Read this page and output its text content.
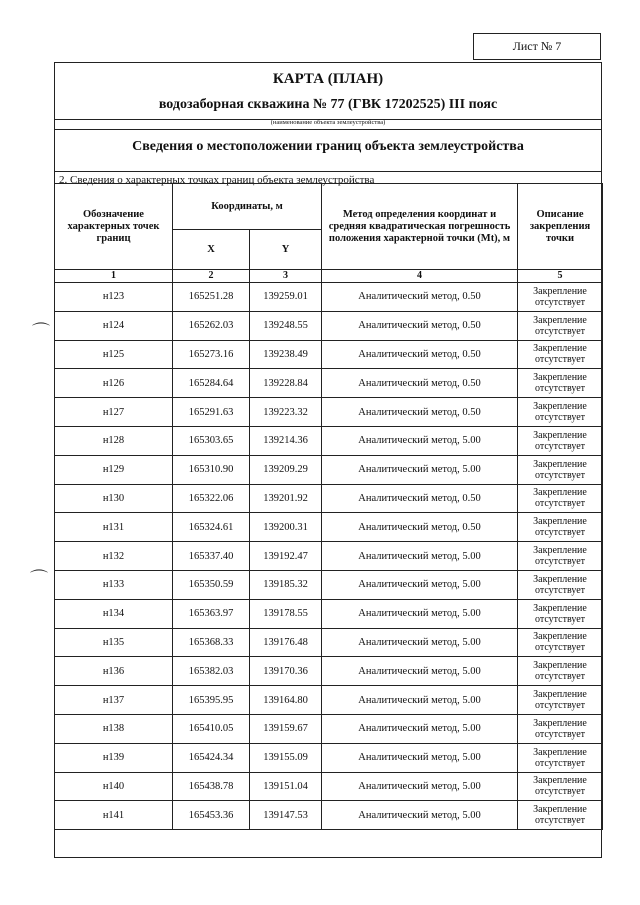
Лист № 7
⌒
⌒
КАРТА (ПЛАН)
водозаборная скважина № 77 (ГВК 17202525) III пояс
(наименование объекта землеустройства)
Сведения о местоположении границ объекта землеустройства
2. Сведения о характерных точках границ объекта землеустройства
Обозначение характерных точек границ	Координаты, м		Метод определения координат и средняя квадратическая погрешность положения характерной точки (Mt), м	Описание закрепления точки
	X	Y		
1	2	3	4	5
н123	165251.28	139259.01	Аналитический метод, 0.50	Закрепление отсутствует
н124	165262.03	139248.55	Аналитический метод, 0.50	Закрепление отсутствует
н125	165273.16	139238.49	Аналитический метод, 0.50	Закрепление отсутствует
н126	165284.64	139228.84	Аналитический метод, 0.50	Закрепление отсутствует
н127	165291.63	139223.32	Аналитический метод, 0.50	Закрепление отсутствует
н128	165303.65	139214.36	Аналитический метод, 5.00	Закрепление отсутствует
н129	165310.90	139209.29	Аналитический метод, 5.00	Закрепление отсутствует
н130	165322.06	139201.92	Аналитический метод, 0.50	Закрепление отсутствует
н131	165324.61	139200.31	Аналитический метод, 0.50	Закрепление отсутствует
н132	165337.40	139192.47	Аналитический метод, 5.00	Закрепление отсутствует
н133	165350.59	139185.32	Аналитический метод, 5.00	Закрепление отсутствует
н134	165363.97	139178.55	Аналитический метод, 5.00	Закрепление отсутствует
н135	165368.33	139176.48	Аналитический метод, 5.00	Закрепление отсутствует
н136	165382.03	139170.36	Аналитический метод, 5.00	Закрепление отсутствует
н137	165395.95	139164.80	Аналитический метод, 5.00	Закрепление отсутствует
н138	165410.05	139159.67	Аналитический метод, 5.00	Закрепление отсутствует
н139	165424.34	139155.09	Аналитический метод, 5.00	Закрепление отсутствует
н140	165438.78	139151.04	Аналитический метод, 5.00	Закрепление отсутствует
н141	165453.36	139147.53	Аналитический метод, 5.00	Закрепление отсутствует
